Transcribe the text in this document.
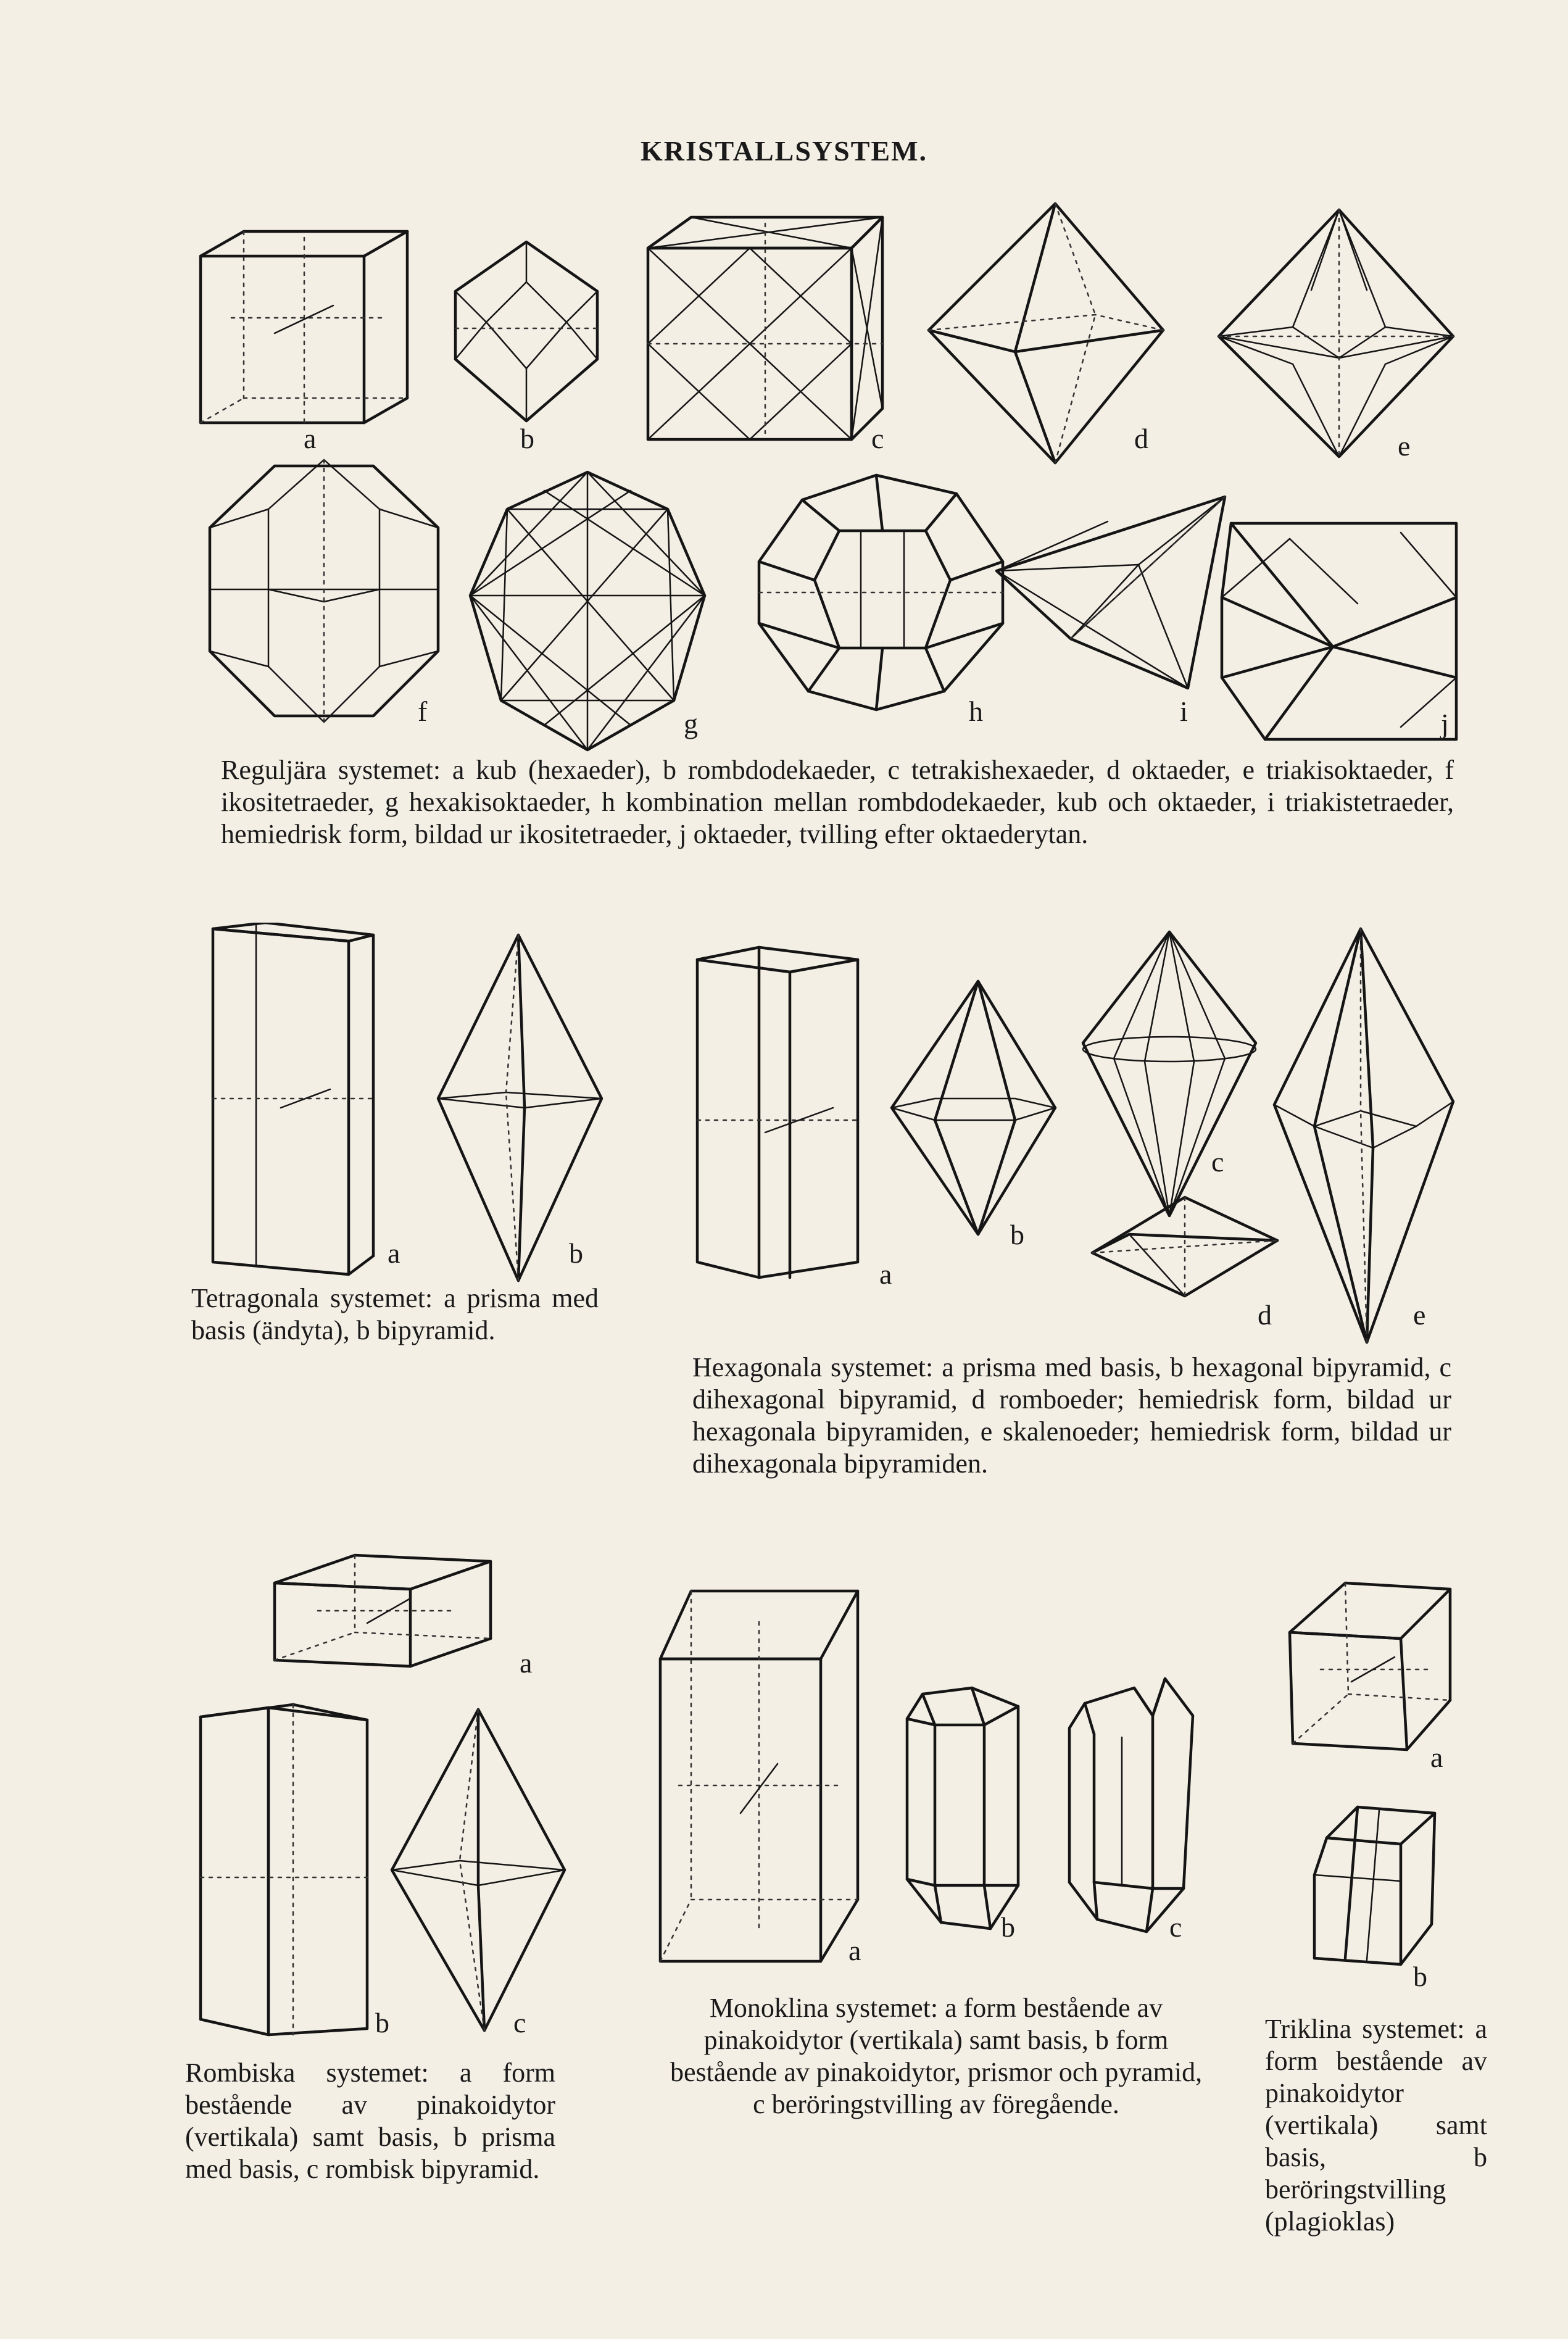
KRISTALLSYSTEM.
a	b	c	d	e
f	g	h	i	j

Reguljära systemet: a kub (hexaeder), b rombdodekaeder, c tetrakishexaeder, d oktaeder, e triakisoktaeder, f ikositetraeder, g hexakisoktaeder, h kombination mellan rombdodekaeder, kub och oktaeder, i triakistetraeder, hemiedrisk form, bildad ur ikositetraeder, j oktaeder, tvilling efter oktaederytan.

a	b

Tetragonala systemet: a prisma med basis (ändyta), b bipyramid.

a
b
c
d	e

Hexagonala systemet: a prisma med basis, b hexagonal bipyramid, c dihexagonal bipyramid, d romboeder; hemiedrisk form, bildad ur hexagonala bipyramiden, e skalenoeder; hemiedrisk form, bildad ur dihexagonala bipyramiden.

a
b	c

Rombiska systemet: a form bestående av pinakoidytor (vertikala) samt basis, b prisma med basis, c rombisk bipyramid.

a
b	c

Monoklina systemet: a form bestående av pinakoidytor (vertikala) samt basis, b form bestående av pinakoidytor, prismor och pyramid, c beröringstvilling av föregående.

a
b

Triklina systemet: a form bestående av pinakoidytor (vertikala) samt basis, b beröringstvilling (plagioklas)
